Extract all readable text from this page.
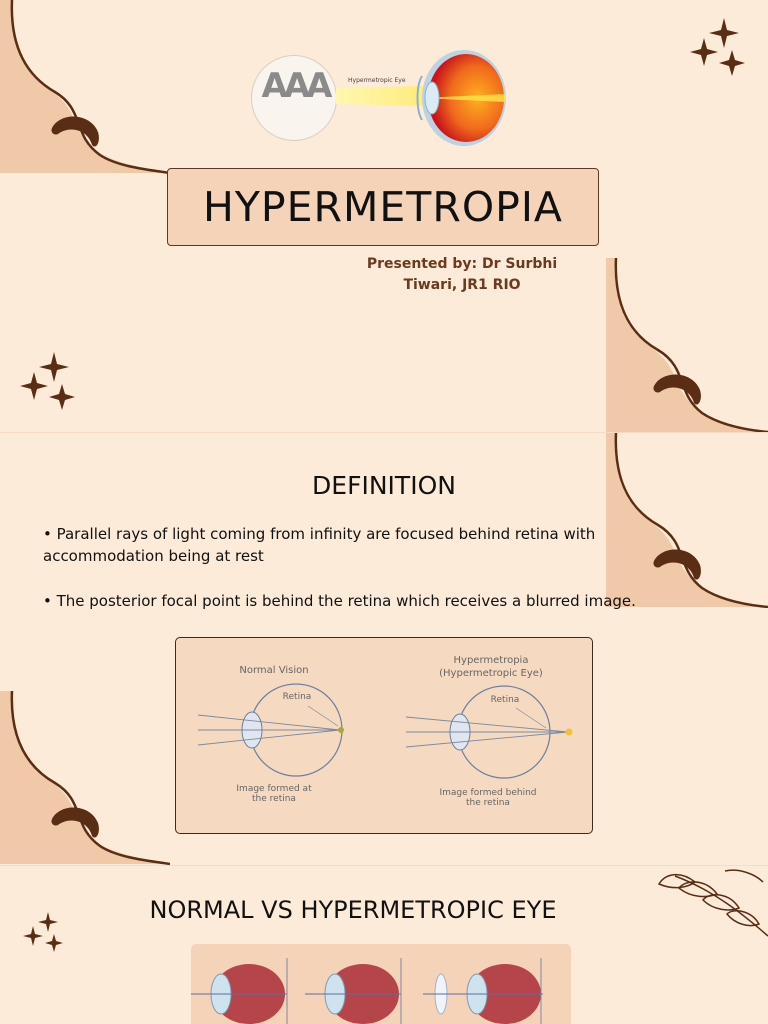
AAA	Hypermetropic Eye
HYPERMETROPIA
Presented by: Dr Surbhi Tiwari, JR1 RIO
DEFINITION
• Parallel rays of light coming from infinity are focused behind retina with accommodation being at rest
• The posterior focal point is behind the retina which receives a blurred image.
Normal Vision
Retina
Image formed at the retina
Hypermetropia (Hypermetropic Eye)
Retina
Image formed behind the retina
NORMAL VS HYPERMETROPIC EYE
